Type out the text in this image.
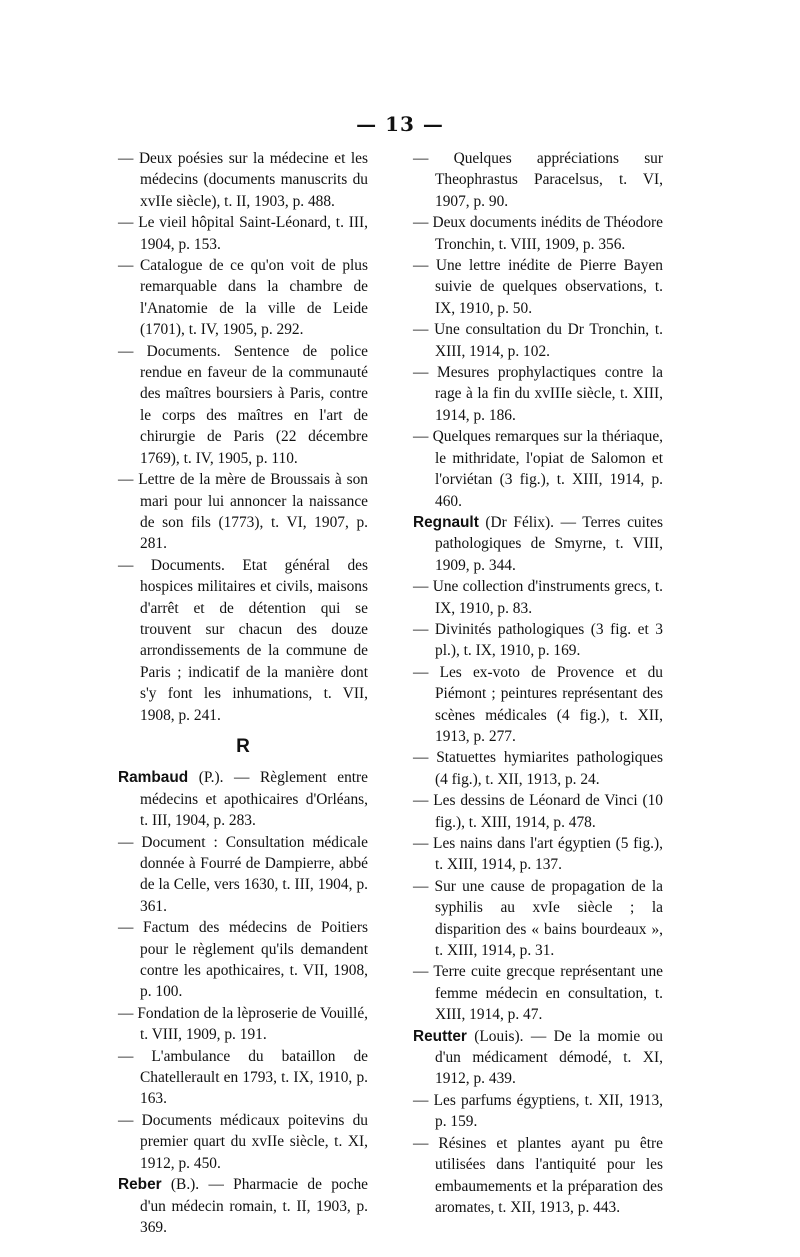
— 13 —

— Deux poésies sur la médecine et les médecins (documents manuscrits du xvIIe siècle), t. II, 1903, p. 488.

— Le vieil hôpital Saint-Léonard, t. III, 1904, p. 153.

— Catalogue de ce qu'on voit de plus remarquable dans la chambre de l'Anatomie de la ville de Leide (1701), t. IV, 1905, p. 292.

— Documents. Sentence de police rendue en faveur de la communauté des maîtres boursiers à Paris, contre le corps des maîtres en l'art de chirurgie de Paris (22 décembre 1769), t. IV, 1905, p. 110.

— Lettre de la mère de Broussais à son mari pour lui annoncer la naissance de son fils (1773), t. VI, 1907, p. 281.

— Documents. Etat général des hospices militaires et civils, maisons d'arrêt et de détention qui se trouvent sur chacun des douze arrondissements de la commune de Paris ; indicatif de la manière dont s'y font les inhumations, t. VII, 1908, p. 241.

R

Rambaud (P.). — Règlement entre médecins et apothicaires d'Orléans, t. III, 1904, p. 283.

— Document : Consultation médicale donnée à Fourré de Dampierre, abbé de la Celle, vers 1630, t. III, 1904, p. 361.

— Factum des médecins de Poitiers pour le règlement qu'ils demandent contre les apothicaires, t. VII, 1908, p. 100.

— Fondation de la lèproserie de Vouillé, t. VIII, 1909, p. 191.

— L'ambulance du bataillon de Chatellerault en 1793, t. IX, 1910, p. 163.

— Documents médicaux poitevins du premier quart du xvIIe siècle, t. XI, 1912, p. 450.

Reber (B.). — Pharmacie de poche d'un médecin romain, t. II, 1903, p. 369.

— Quelques appréciations sur Theophrastus Paracelsus, t. VI, 1907, p. 90.

— Deux documents inédits de Théodore Tronchin, t. VIII, 1909, p. 356.

— Une lettre inédite de Pierre Bayen suivie de quelques observations, t. IX, 1910, p. 50.

— Une consultation du Dr Tronchin, t. XIII, 1914, p. 102.

— Mesures prophylactiques contre la rage à la fin du xvIIIe siècle, t. XIII, 1914, p. 186.

— Quelques remarques sur la thériaque, le mithridate, l'opiat de Salomon et l'orviétan (3 fig.), t. XIII, 1914, p. 460.

Regnault (Dr Félix). — Terres cuites pathologiques de Smyrne, t. VIII, 1909, p. 344.

— Une collection d'instruments grecs, t. IX, 1910, p. 83.

— Divinités pathologiques (3 fig. et 3 pl.), t. IX, 1910, p. 169.

— Les ex-voto de Provence et du Piémont ; peintures représentant des scènes médicales (4 fig.), t. XII, 1913, p. 277.

— Statuettes hymiarites pathologiques (4 fig.), t. XII, 1913, p. 24.

— Les dessins de Léonard de Vinci (10 fig.), t. XIII, 1914, p. 478.

— Les nains dans l'art égyptien (5 fig.), t. XIII, 1914, p. 137.

— Sur une cause de propagation de la syphilis au xvIe siècle ; la disparition des « bains bourdeaux », t. XIII, 1914, p. 31.

— Terre cuite grecque représentant une femme médecin en consultation, t. XIII, 1914, p. 47.

Reutter (Louis). — De la momie ou d'un médicament démodé, t. XI, 1912, p. 439.

— Les parfums égyptiens, t. XII, 1913, p. 159.

— Résines et plantes ayant pu être utilisées dans l'antiquité pour les embaumements et la préparation des aromates, t. XII, 1913, p. 443.
